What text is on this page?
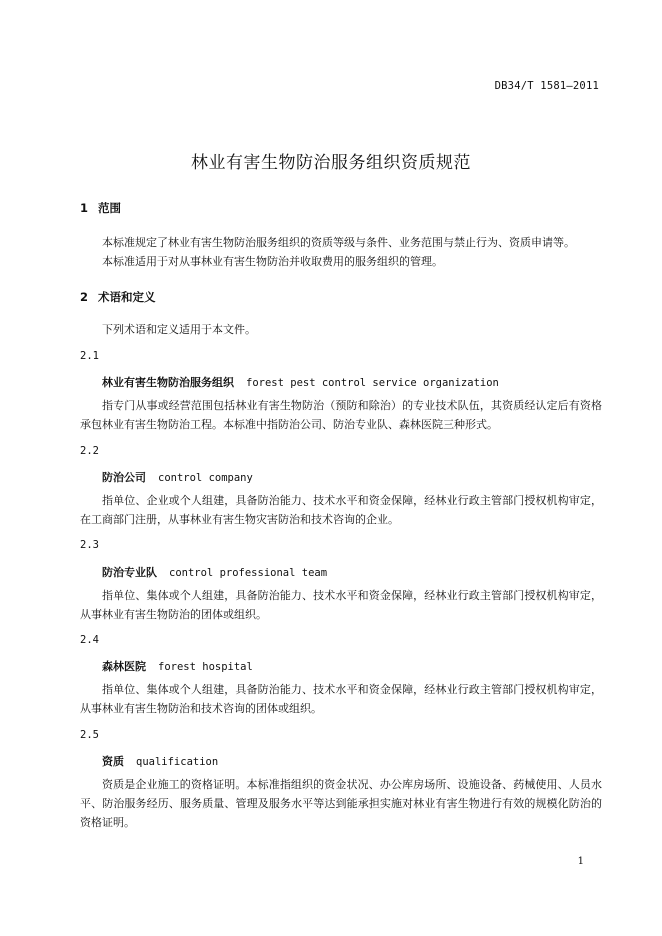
DB34/T 1581—2011
林业有害生物防治服务组织资质规范
1 范围
本标准规定了林业有害生物防治服务组织的资质等级与条件、业务范围与禁止行为、资质申请等。
本标准适用于对从事林业有害生物防治并收取费用的服务组织的管理。
2 术语和定义
下列术语和定义适用于本文件。
2.1
林业有害生物防治服务组织 forest pest control service organization
指专门从事或经营范围包括林业有害生物防治（预防和除治）的专业技术队伍，其资质经认定后有资格承包林业有害生物防治工程。本标准中指防治公司、防治专业队、森林医院三种形式。
2.2
防治公司 control company
指单位、企业或个人组建，具备防治能力、技术水平和资金保障，经林业行政主管部门授权机构审定，在工商部门注册，从事林业有害生物灾害防治和技术咨询的企业。
2.3
防治专业队 control professional team
指单位、集体或个人组建，具备防治能力、技术水平和资金保障，经林业行政主管部门授权机构审定，从事林业有害生物防治的团体或组织。
2.4
森林医院 forest hospital
指单位、集体或个人组建，具备防治能力、技术水平和资金保障，经林业行政主管部门授权机构审定，从事林业有害生物防治和技术咨询的团体或组织。
2.5
资质 qualification
资质是企业施工的资格证明。本标准指组织的资金状况、办公库房场所、设施设备、药械使用、人员水平、防治服务经历、服务质量、管理及服务水平等达到能承担实施对林业有害生物进行有效的规模化防治的资格证明。
1
